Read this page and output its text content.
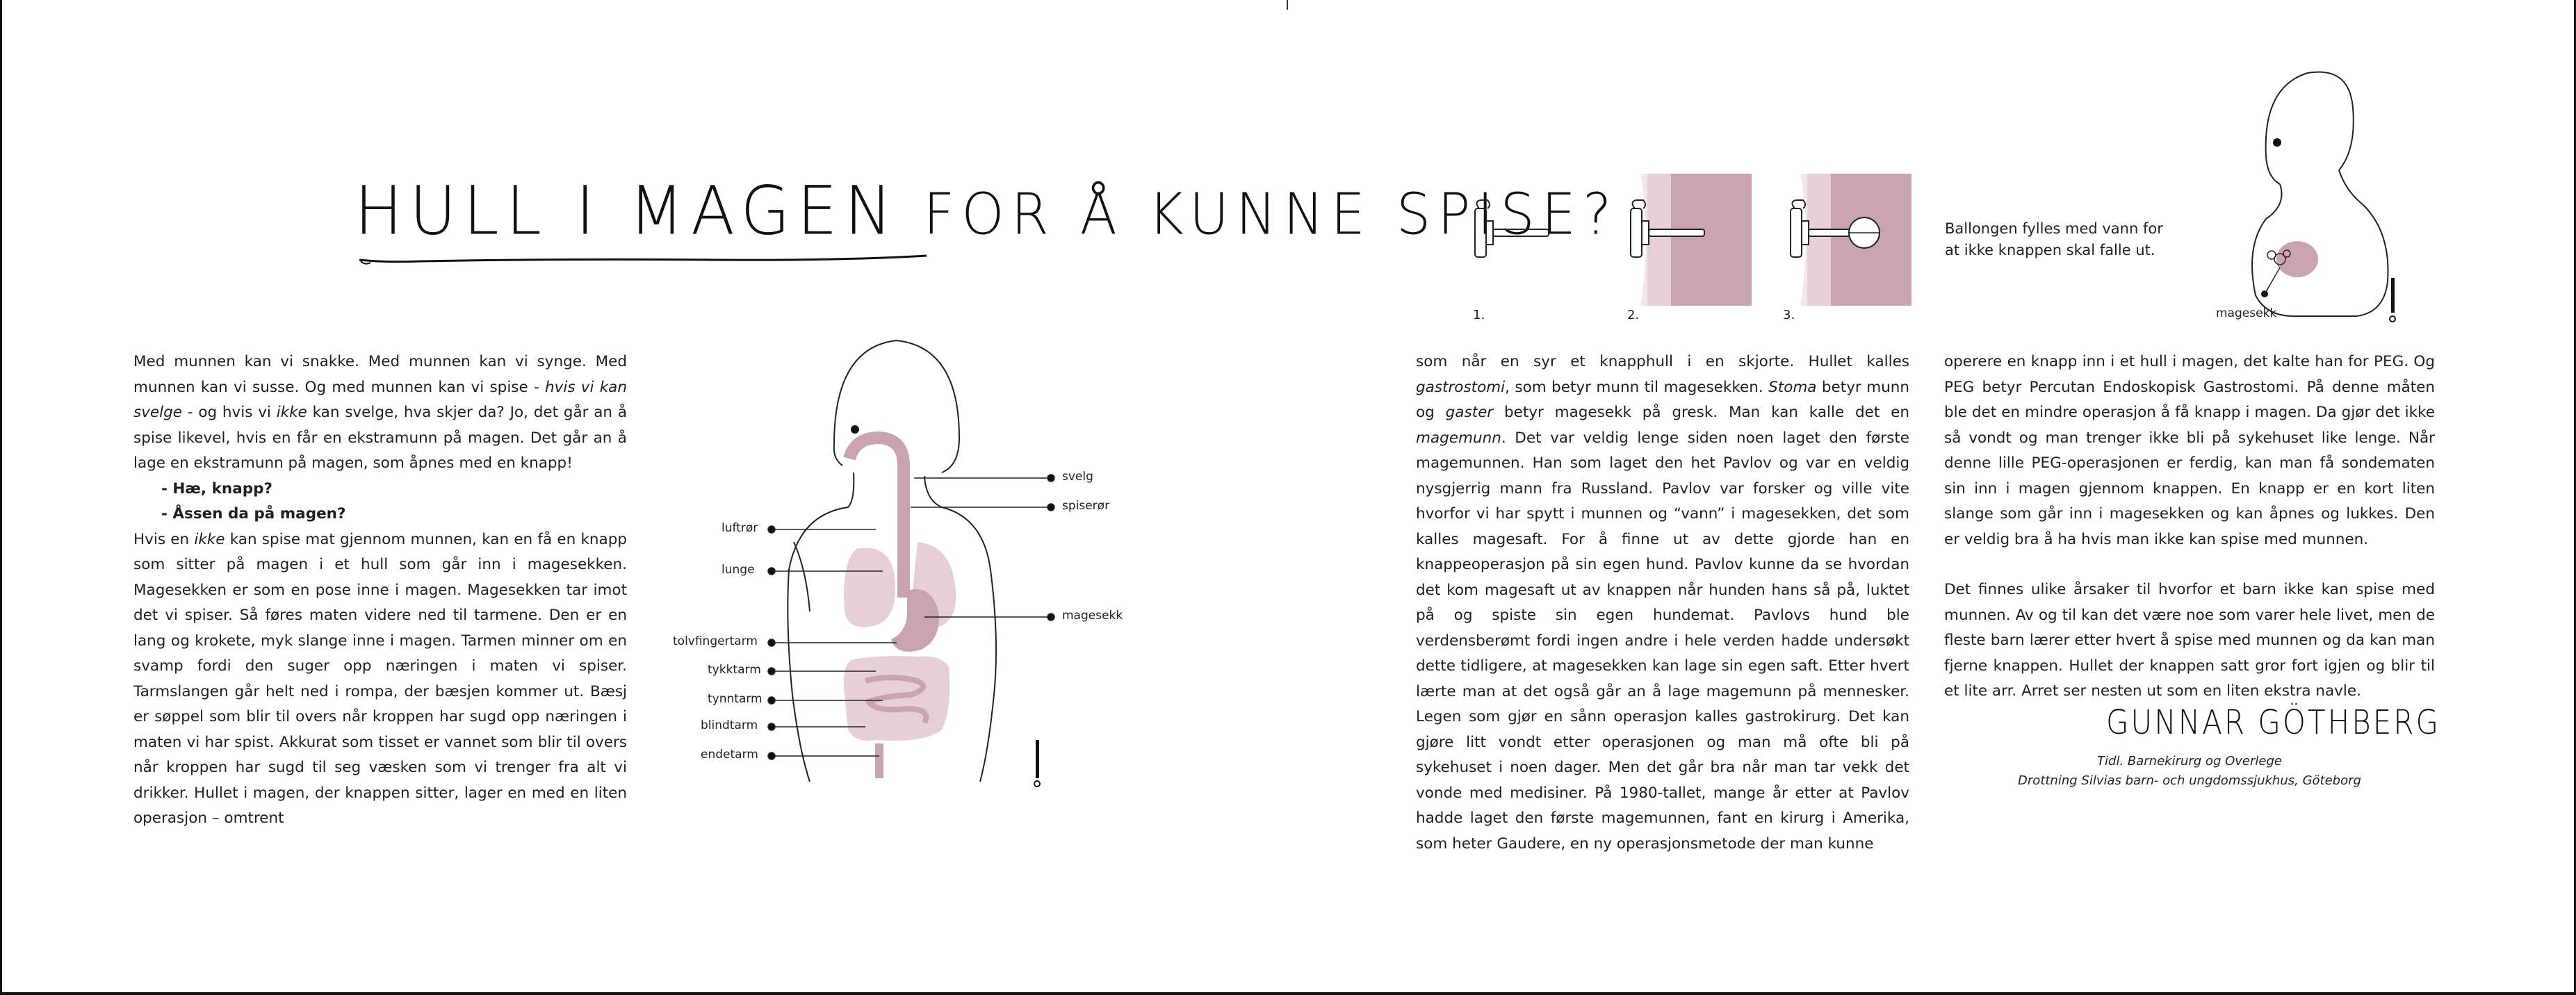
HULL I MAGEN FOR Å KUNNE SPISE?

Med munnen kan vi snakke. Med munnen kan vi synge. Med munnen kan vi susse. Og med munnen kan vi spise - hvis vi kan svelge - og hvis vi ikke kan svelge, hva skjer da? Jo, det går an å spise likevel, hvis en får en ekstramunn på magen. Det går an å lage en ekstramunn på magen, som åpnes med en knapp!

- Hæ, knapp?

- Åssen da på magen?

Hvis en ikke kan spise mat gjennom munnen, kan en få en knapp som sitter på magen i et hull som går inn i magesekken. Magesekken er som en pose inne i magen. Magesekken tar imot det vi spiser. Så føres maten videre ned til tarmene. Den er en lang og krokete, myk slange inne i magen. Tarmen minner om en svamp fordi den suger opp næringen i maten vi spiser. Tarmslangen går helt ned i rompa, der bæsjen kommer ut. Bæsj er søppel som blir til overs når kroppen har sugd opp næringen i maten vi har spist. Akkurat som tisset er vannet som blir til overs når kroppen har sugd til seg væsken som vi trenger fra alt vi drikker. Hullet i magen, der knappen sitter, lager en med en liten operasjon – omtrent

svelg
spiserør
magesekk
luftrør
lunge
tolvfingertarm
tykktarm
tynntarm
blindtarm
endetarm
1.	2.	3.
Ballongen fylles med vann for at ikke knappen skal falle ut.
magesekk

som når en syr et knapphull i en skjorte. Hullet kalles gastrostomi, som betyr munn til magesekken. Stoma betyr munn og gaster betyr magesekk på gresk. Man kan kalle det en magemunn. Det var veldig lenge siden noen laget den første magemunnen. Han som laget den het Pavlov og var en veldig nysgjerrig mann fra Russland. Pavlov var forsker og ville vite hvorfor vi har spytt i munnen og “vann” i magesekken, det som kalles magesaft. For å finne ut av dette gjorde han en knappeoperasjon på sin egen hund. Pavlov kunne da se hvordan det kom magesaft ut av knappen når hunden hans så på, luktet på og spiste sin egen hundemat. Pavlovs hund ble verdensberømt fordi ingen andre i hele verden hadde undersøkt dette tidligere, at magesekken kan lage sin egen saft. Etter hvert lærte man at det også går an å lage magemunn på mennesker. Legen som gjør en sånn operasjon kalles gastrokirurg. Det kan gjøre litt vondt etter operasjonen og man må ofte bli på sykehuset i noen dager. Men det går bra når man tar vekk det vonde med medisiner. På 1980-tallet, mange år etter at Pavlov hadde laget den første magemunnen, fant en kirurg i Amerika, som heter Gaudere, en ny operasjonsmetode der man kunne

operere en knapp inn i et hull i magen, det kalte han for PEG. Og PEG betyr Percutan Endoskopisk Gastrostomi. På denne måten ble det en mindre operasjon å få knapp i magen. Da gjør det ikke så vondt og man trenger ikke bli på sykehuset like lenge. Når denne lille PEG-operasjonen er ferdig, kan man få sondematen sin inn i magen gjennom knappen. En knapp er en kort liten slange som går inn i magesekken og kan åpnes og lukkes. Den er veldig bra å ha hvis man ikke kan spise med munnen.

Det finnes ulike årsaker til hvorfor et barn ikke kan spise med munnen. Av og til kan det være noe som varer hele livet, men de fleste barn lærer etter hvert å spise med munnen og da kan man fjerne knappen. Hullet der knappen satt gror fort igjen og blir til et lite arr. Arret ser nesten ut som en liten ekstra navle.

GUNNAR GÖTHBERG
Tidl. Barnekirurg og Overlege
Drottning Silvias barn- och ungdomssjukhus, Göteborg
